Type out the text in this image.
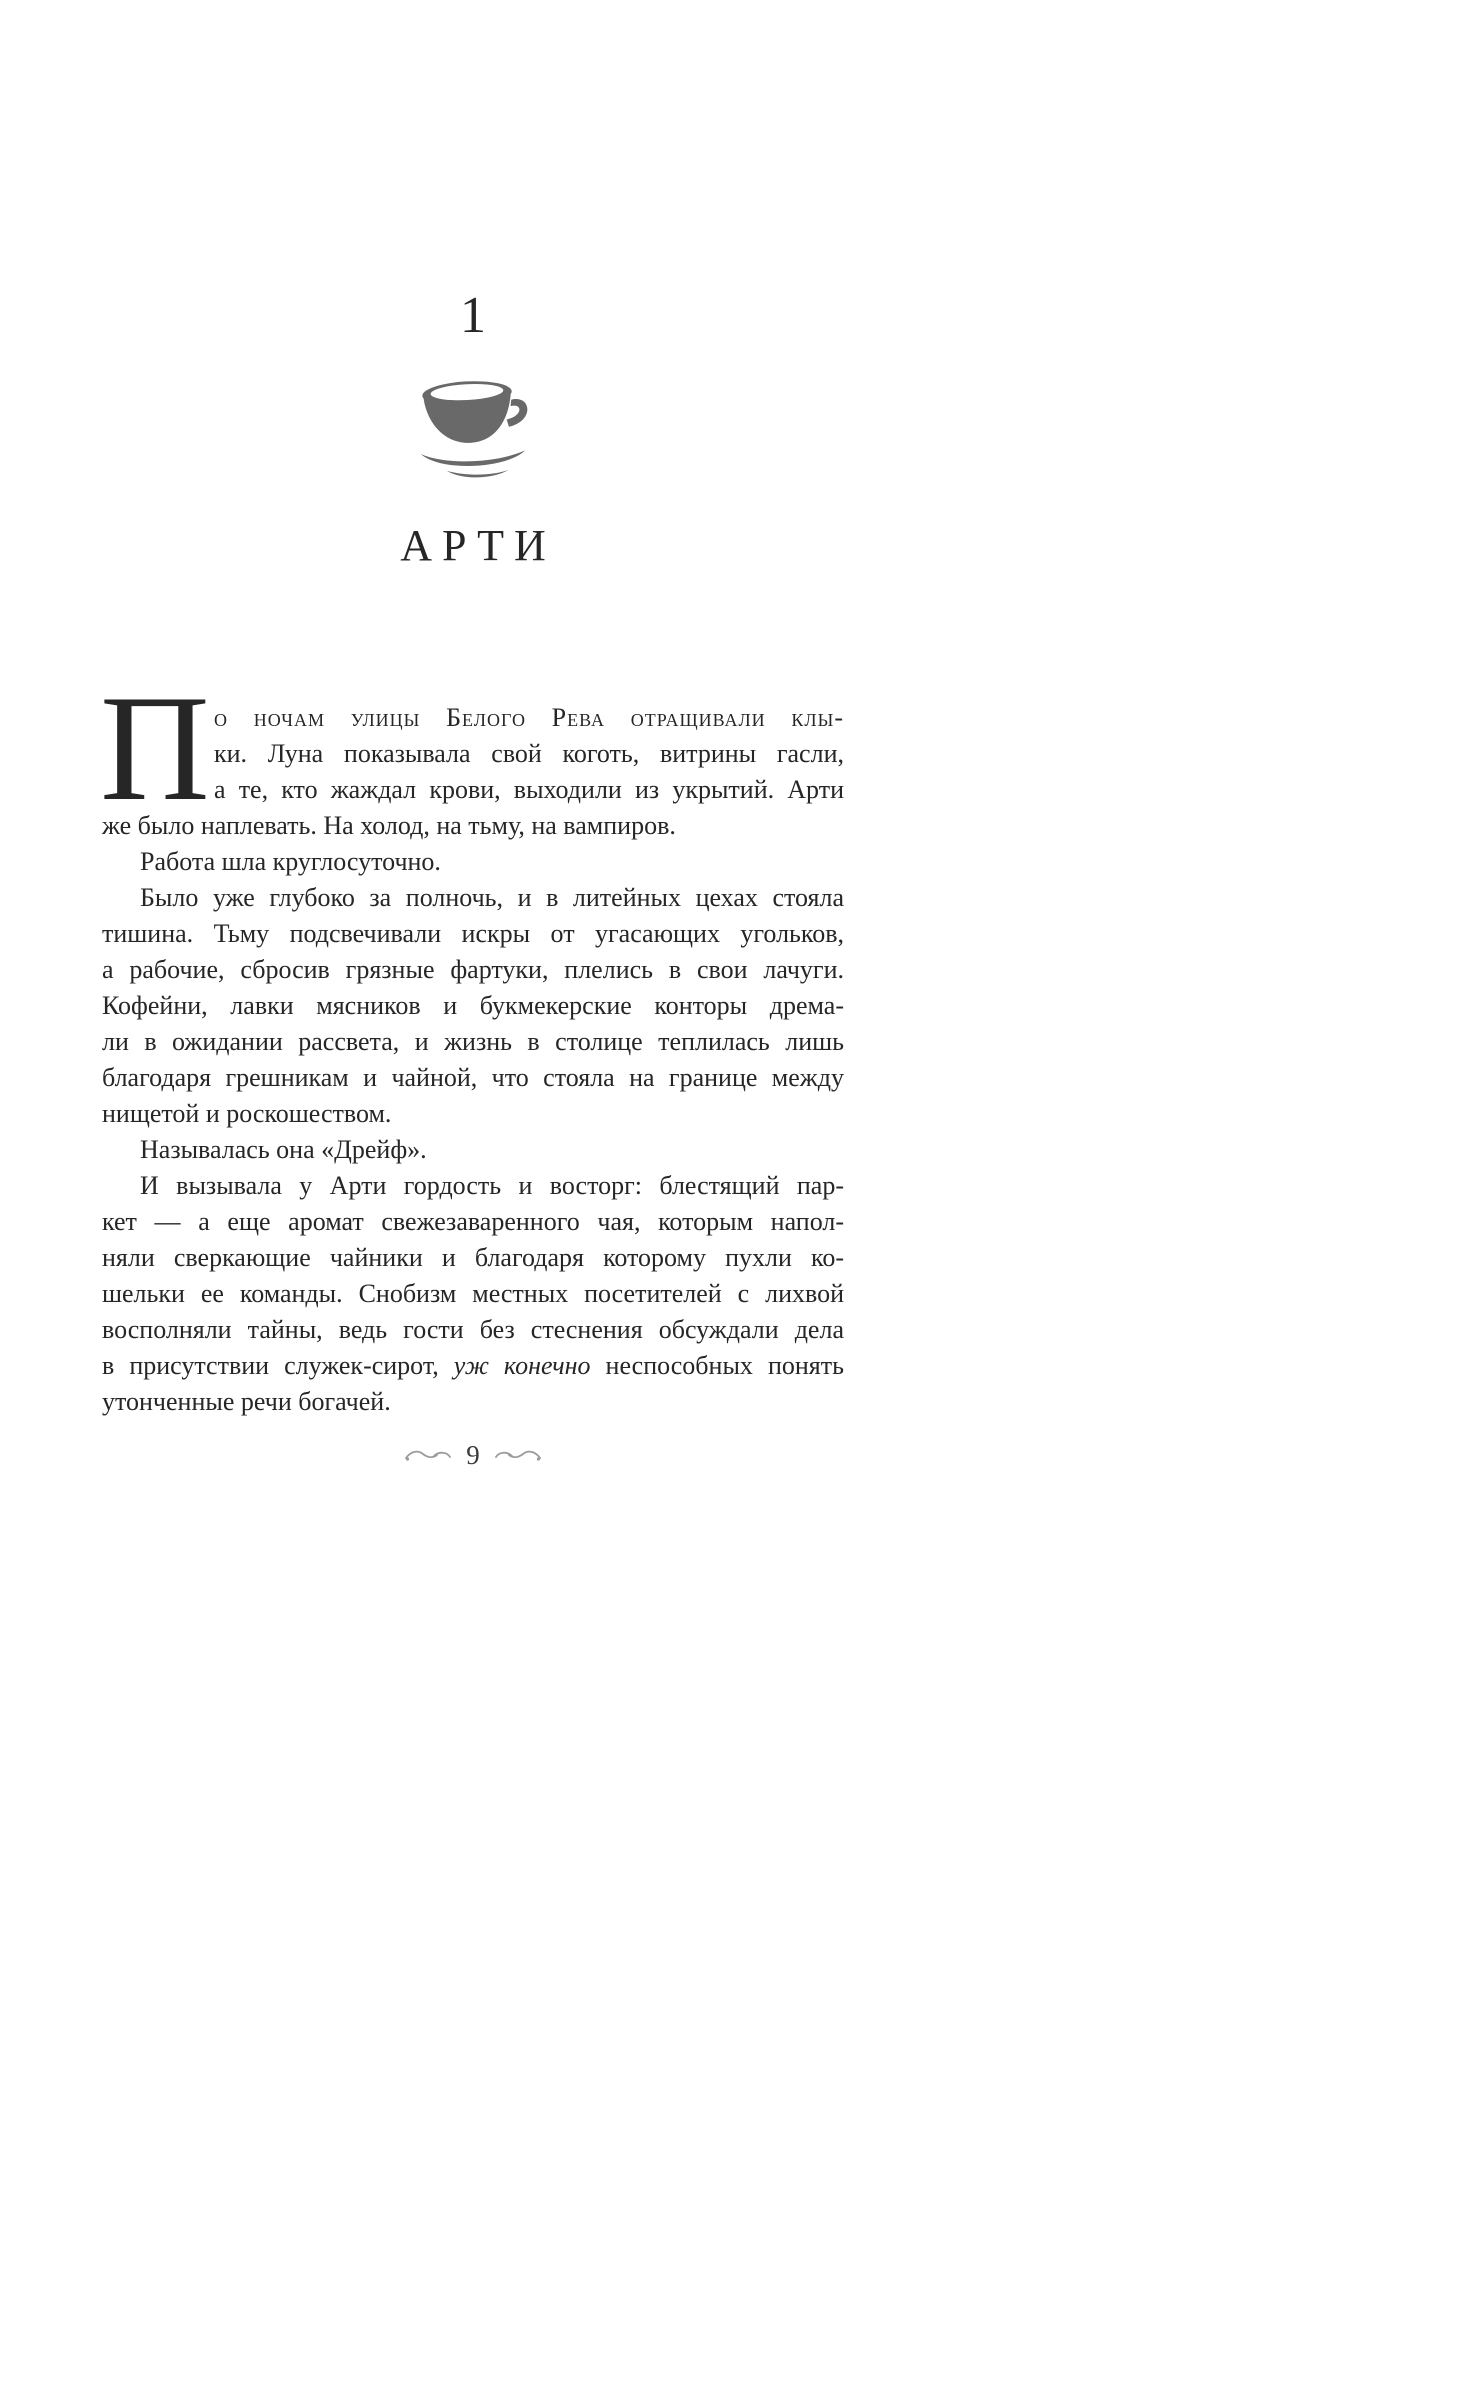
1
АРТИ
П о ночам улицы Белого Рева отращивали клы-
ки. Луна показывала свой коготь, витрины гасли,
а те, кто жаждал крови, выходили из укрытий. Арти
же было наплевать. На холод, на тьму, на вампиров.
Работа шла круглосуточно.
Было уже глубоко за полночь, и в литейных цехах стояла
тишина. Тьму подсвечивали искры от угасающих угольков,
а рабочие, сбросив грязные фартуки, плелись в свои лачуги.
Кофейни, лавки мясников и букмекерские конторы дрема-
ли в ожидании рассвета, и жизнь в столице теплилась лишь
благодаря грешникам и чайной, что стояла на границе между
нищетой и роскошеством.
Называлась она «Дрейф».
И вызывала у Арти гордость и восторг: блестящий пар-
кет — а еще аромат свежезаваренного чая, которым напол-
няли сверкающие чайники и благодаря которому пухли ко-
шельки ее команды. Снобизм местных посетителей с лихвой
восполняли тайны, ведь гости без стеснения обсуждали дела
в присутствии служек-сирот, уж конечно неспособных понять
утонченные речи богачей.
9
